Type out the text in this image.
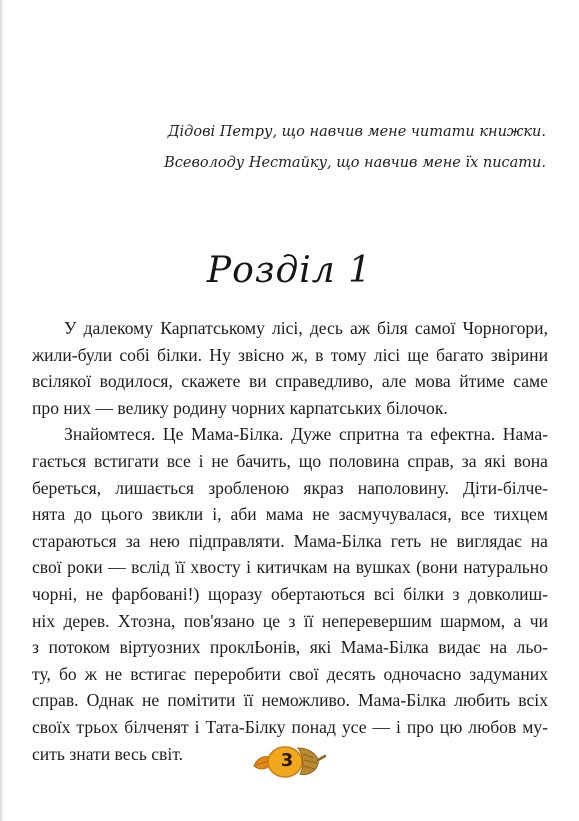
Дідові Петру, що навчив мене читати книжки.
Всеволоду Нестайку, що навчив мене їх писати.
Розділ 1
У далекому Карпатському лісі, десь аж біля самої Чорногори,
жили-були собі білки. Ну звісно ж, в тому лісі ще багато звірини
всілякої водилося, скажете ви справедливо, але мова йтиме саме
про них — велику родину чорних карпатських білочок.
Знайомтеся. Це Мама-Білка. Дуже спритна та ефектна. Нама-
гається встигати все і не бачить, що половина справ, за які вона
береться, лишається зробленою якраз наполовину. Діти-білче-
нята до цього звикли і, аби мама не засмучувалася, все тихцем
стараються за нею підправляти. Мама-Білка геть не виглядає на
свої роки — вслід її хвосту і китичкам на вушках (вони натурально
чорні, не фарбовані!) щоразу обертаються всі білки з довколиш-
ніх дерев. Хтозна, пов'язано це з її неперевершим шармом, а чи
з потоком віртуозних проклЬонів, які Мама-Білка видає на льо-
ту, бо ж не встигає переробити свої десять одночасно задуманих
справ. Однак не помітити її неможливо. Мама-Білка любить всіх
своїх трьох білченят і Тата-Білку понад усе — і про цю любов му-
сить знати весь світ.	3
